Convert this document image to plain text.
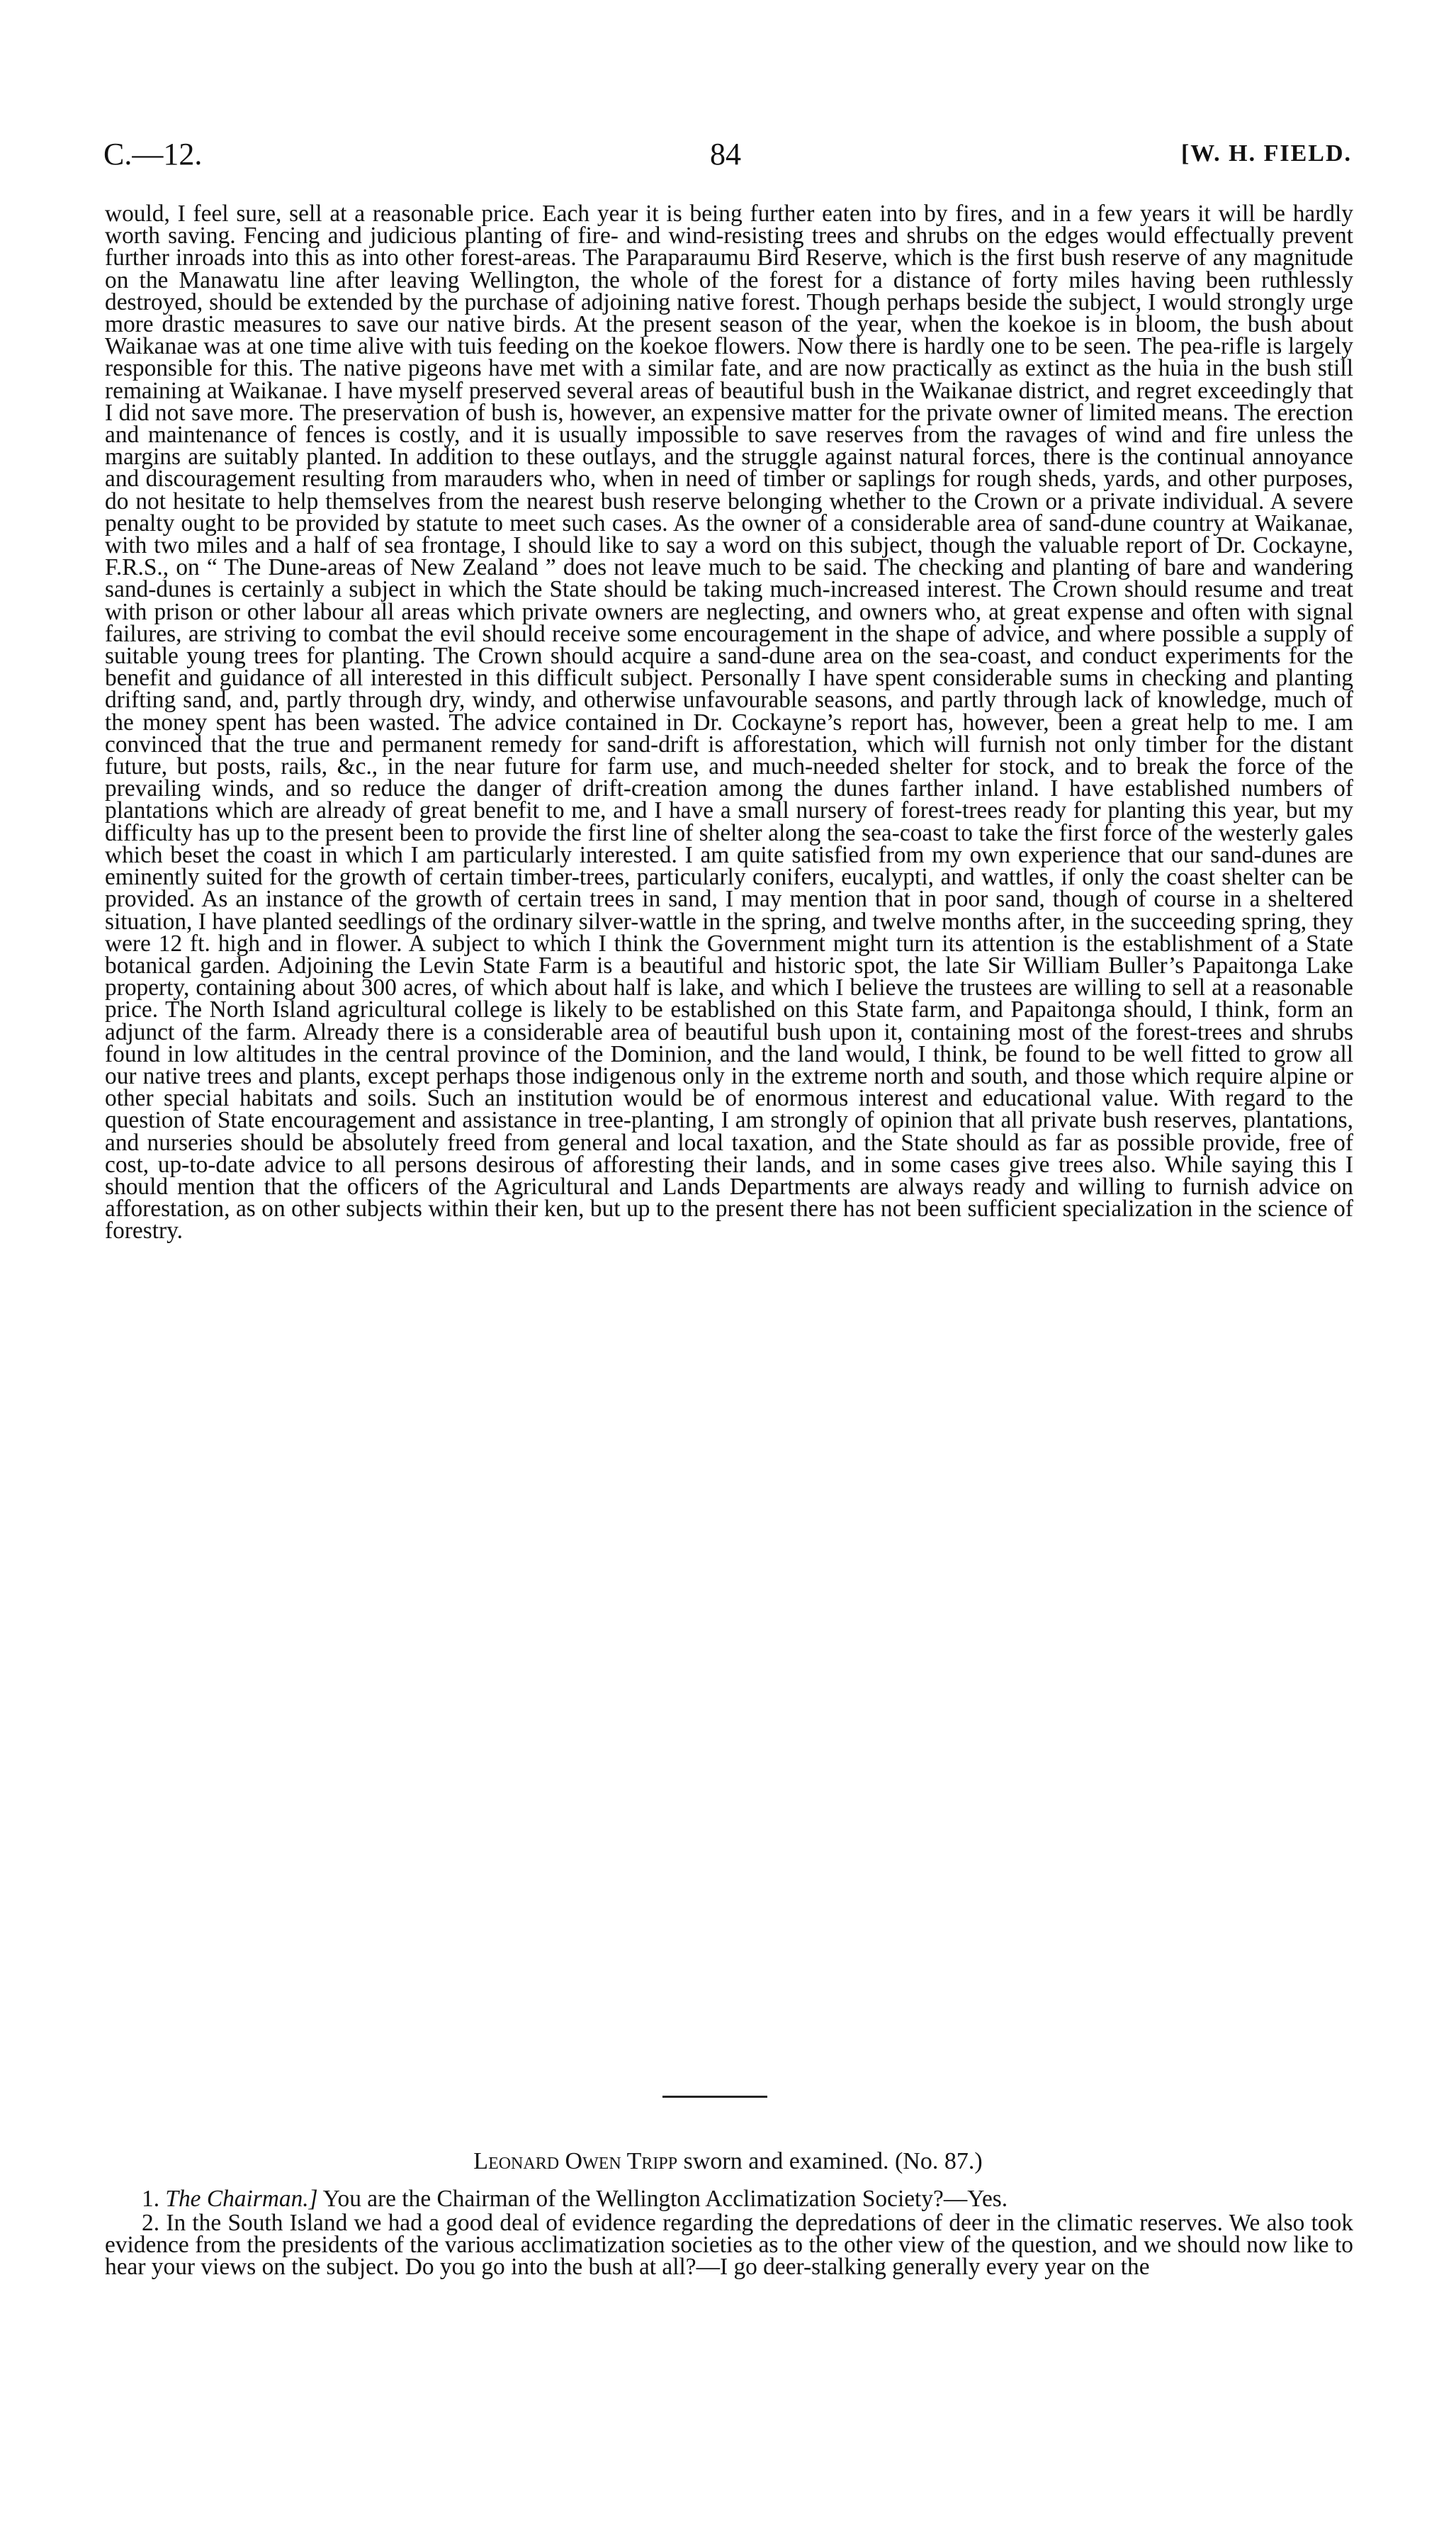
C.—12.	84	[W. H. FIELD.

would, I feel sure, sell at a reasonable price. Each year it is being further eaten into by fires, and in a few years it will be hardly worth saving. Fencing and judicious planting of fire- and wind-resisting trees and shrubs on the edges would effectually prevent further inroads into this as into other forest-areas. The Paraparaumu Bird Reserve, which is the first bush reserve of any magnitude on the Manawatu line after leaving Wellington, the whole of the forest for a distance of forty miles having been ruthlessly destroyed, should be extended by the purchase of adjoining native forest. Though perhaps beside the subject, I would strongly urge more drastic measures to save our native birds. At the present season of the year, when the koekoe is in bloom, the bush about Waikanae was at one time alive with tuis feeding on the koekoe flowers. Now there is hardly one to be seen. The pea-rifle is largely responsible for this. The native pigeons have met with a similar fate, and are now practically as extinct as the huia in the bush still remaining at Waikanae. I have myself preserved several areas of beautiful bush in the Waikanae district, and regret exceedingly that I did not save more. The preservation of bush is, however, an expensive matter for the private owner of limited means. The erection and maintenance of fences is costly, and it is usually impossible to save reserves from the ravages of wind and fire unless the margins are suitably planted. In addition to these outlays, and the struggle against natural forces, there is the continual annoyance and discouragement resulting from marauders who, when in need of timber or saplings for rough sheds, yards, and other purposes, do not hesitate to help themselves from the nearest bush reserve belonging whether to the Crown or a private individual. A severe penalty ought to be provided by statute to meet such cases. As the owner of a considerable area of sand-dune country at Waikanae, with two miles and a half of sea frontage, I should like to say a word on this subject, though the valuable report of Dr. Cockayne, F.R.S., on “ The Dune-areas of New Zealand ” does not leave much to be said. The checking and planting of bare and wandering sand-dunes is certainly a subject in which the State should be taking much-increased interest. The Crown should resume and treat with prison or other labour all areas which private owners are neglecting, and owners who, at great expense and often with signal failures, are striving to combat the evil should receive some encouragement in the shape of advice, and where possible a supply of suitable young trees for planting. The Crown should acquire a sand-dune area on the sea-coast, and conduct experiments for the benefit and guidance of all interested in this difficult subject. Personally I have spent considerable sums in checking and planting drifting sand, and, partly through dry, windy, and otherwise unfavourable seasons, and partly through lack of knowledge, much of the money spent has been wasted. The advice contained in Dr. Cockayne’s report has, however, been a great help to me. I am convinced that the true and permanent remedy for sand-drift is afforestation, which will furnish not only timber for the distant future, but posts, rails, &c., in the near future for farm use, and much-needed shelter for stock, and to break the force of the prevailing winds, and so reduce the danger of drift-creation among the dunes farther inland. I have established numbers of plantations which are already of great benefit to me, and I have a small nursery of forest-trees ready for planting this year, but my difficulty has up to the present been to provide the first line of shelter along the sea-coast to take the first force of the westerly gales which beset the coast in which I am particularly interested. I am quite satisfied from my own experience that our sand-dunes are eminently suited for the growth of certain timber-trees, particularly conifers, eucalypti, and wattles, if only the coast shelter can be provided. As an instance of the growth of certain trees in sand, I may mention that in poor sand, though of course in a sheltered situation, I have planted seedlings of the ordinary silver-wattle in the spring, and twelve months after, in the succeeding spring, they were 12 ft. high and in flower. A subject to which I think the Government might turn its attention is the establishment of a State botanical garden. Adjoining the Levin State Farm is a beautiful and historic spot, the late Sir William Buller’s Papaitonga Lake property, containing about 300 acres, of which about half is lake, and which I believe the trustees are willing to sell at a reasonable price. The North Island agricultural college is likely to be established on this State farm, and Papaitonga should, I think, form an adjunct of the farm. Already there is a considerable area of beautiful bush upon it, containing most of the forest-trees and shrubs found in low altitudes in the central province of the Dominion, and the land would, I think, be found to be well fitted to grow all our native trees and plants, except perhaps those indigenous only in the extreme north and south, and those which require alpine or other special habitats and soils. Such an institution would be of enormous interest and educational value. With regard to the question of State encouragement and assistance in tree-planting, I am strongly of opinion that all private bush reserves, plantations, and nurseries should be absolutely freed from general and local taxation, and the State should as far as possible provide, free of cost, up-to-date advice to all persons desirous of afforesting their lands, and in some cases give trees also. While saying this I should mention that the officers of the Agricultural and Lands Departments are always ready and willing to furnish advice on afforestation, as on other subjects within their ken, but up to the present there has not been sufficient specialization in the science of forestry.

Leonard Owen Tripp sworn and examined. (No. 87.)

1. The Chairman.] You are the Chairman of the Wellington Acclimatization Society?—Yes.

2. In the South Island we had a good deal of evidence regarding the depredations of deer in the climatic reserves. We also took evidence from the presidents of the various acclimatization societies as to the other view of the question, and we should now like to hear your views on the subject. Do you go into the bush at all?—I go deer-stalking generally every year on the
